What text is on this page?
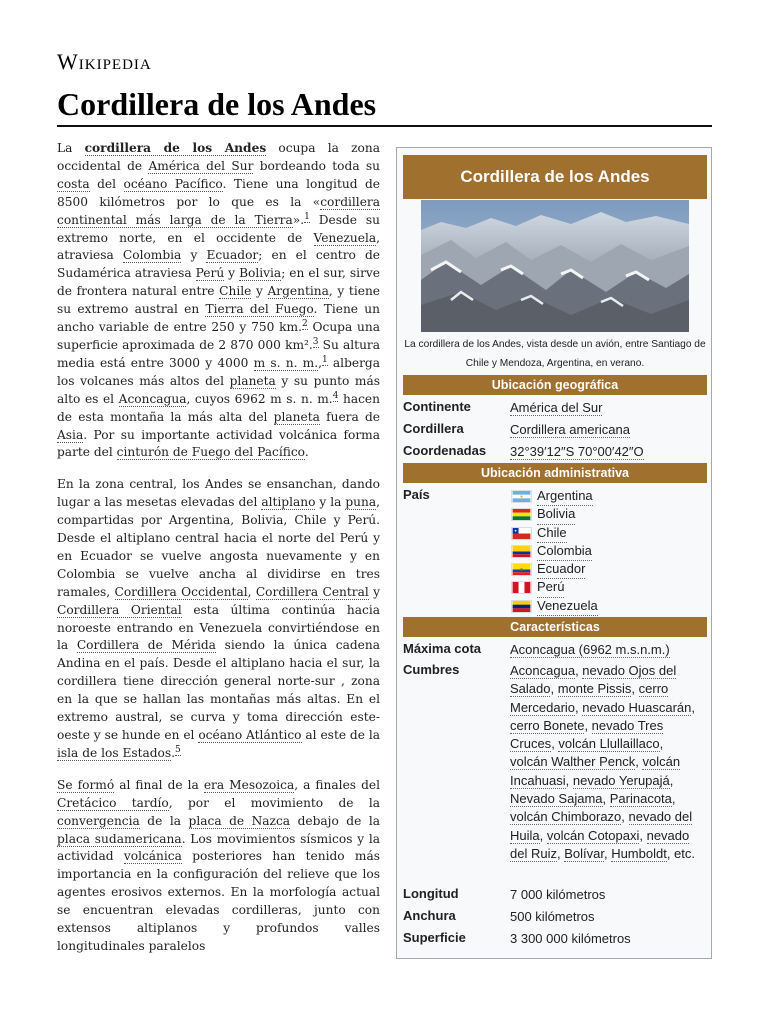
Wikipedia
Cordillera de los Andes

La cordillera de los Andes ocupa la zona occidental de América del Sur bordeando toda su costa del océano Pacífico. Tiene una longitud de 8500 kilómetros por lo que es la «cordillera continental más larga de la Tierra».$^1$ Desde su extremo norte, en el occidente de Venezuela, atraviesa Colombia y Ecuador; en el centro de Sudamérica atraviesa Perú y Bolivia; en el sur, sirve de frontera natural entre Chile y Argentina, y tiene su extremo austral en Tierra del Fuego. Tiene un ancho variable de entre 250 y 750 km.$^2$ Ocupa una superficie aproximada de 2 870 000 km².$^3$ Su altura media está entre 3000 y 4000 m s. n. m.,$^1$ alberga los volcanes más altos del planeta y su punto más alto es el Aconcagua, cuyos 6962 m s. n. m.$^4$ hacen de esta montaña la más alta del planeta fuera de Asia. Por su importante actividad volcánica forma parte del cinturón de Fuego del Pacífico.

En la zona central, los Andes se ensanchan, dando lugar a las mesetas elevadas del altiplano y la puna, compartidas por Argentina, Bolivia, Chile y Perú. Desde el altiplano central hacia el norte del Perú y en Ecuador se vuelve angosta nuevamente y en Colombia se vuelve ancha al dividirse en tres ramales, Cordillera Occidental, Cordillera Central y Cordillera Oriental esta última continúa hacia noroeste entrando en Venezuela convirtiéndose en la Cordillera de Mérida siendo la única cadena Andina en el país. Desde el altiplano hacia el sur, la cordillera tiene dirección general norte-sur , zona en la que se hallan las montañas más altas. En el extremo austral, se curva y toma dirección este-oeste y se hunde en el océano Atlántico al este de la isla de los Estados.$^5$

Se formó al final de la era Mesozoica, a finales del Cretácico tardío, por el movimiento de la convergencia de la placa de Nazca debajo de la placa sudamericana. Los movimientos sísmicos y la actividad volcánica posteriores han tenido más importancia en la configuración del relieve que los agentes erosivos externos. En la morfología actual se encuentran elevadas cordilleras, junto con extensos altiplanos y profundos valles longitudinales paralelos

Cordillera de los Andes
La cordillera de los Andes, vista desde un avión, entre Santiago de Chile y Mendoza, Argentina, en verano.
Ubicación geográfica
Continente	América del Sur
Cordillera	Cordillera americana
Coordenadas 32°39′12″S 70°00′42″O
Ubicación administrativa
País	Argentina
Bolivia
Chile
Colombia
Ecuador
Perú
Venezuela
Características
Máxima cota Aconcagua (6962 m.s.n.m.)
Cumbres	Aconcagua, nevado Ojos del Salado, monte Pissis, cerro Mercedario, nevado Huascarán, cerro Bonete, nevado Tres Cruces, volcán Llullaillaco, volcán Walther Penck, volcán Incahuasi, nevado Yerupajá, Nevado Sajama, Parinacota, volcán Chimborazo, nevado del Huila, volcán Cotopaxi, nevado del Ruiz, Bolívar, Humboldt, etc.
Longitud	7 000 kilómetros
Anchura	500 kilómetros
Superficie	3 300 000 kilómetros
